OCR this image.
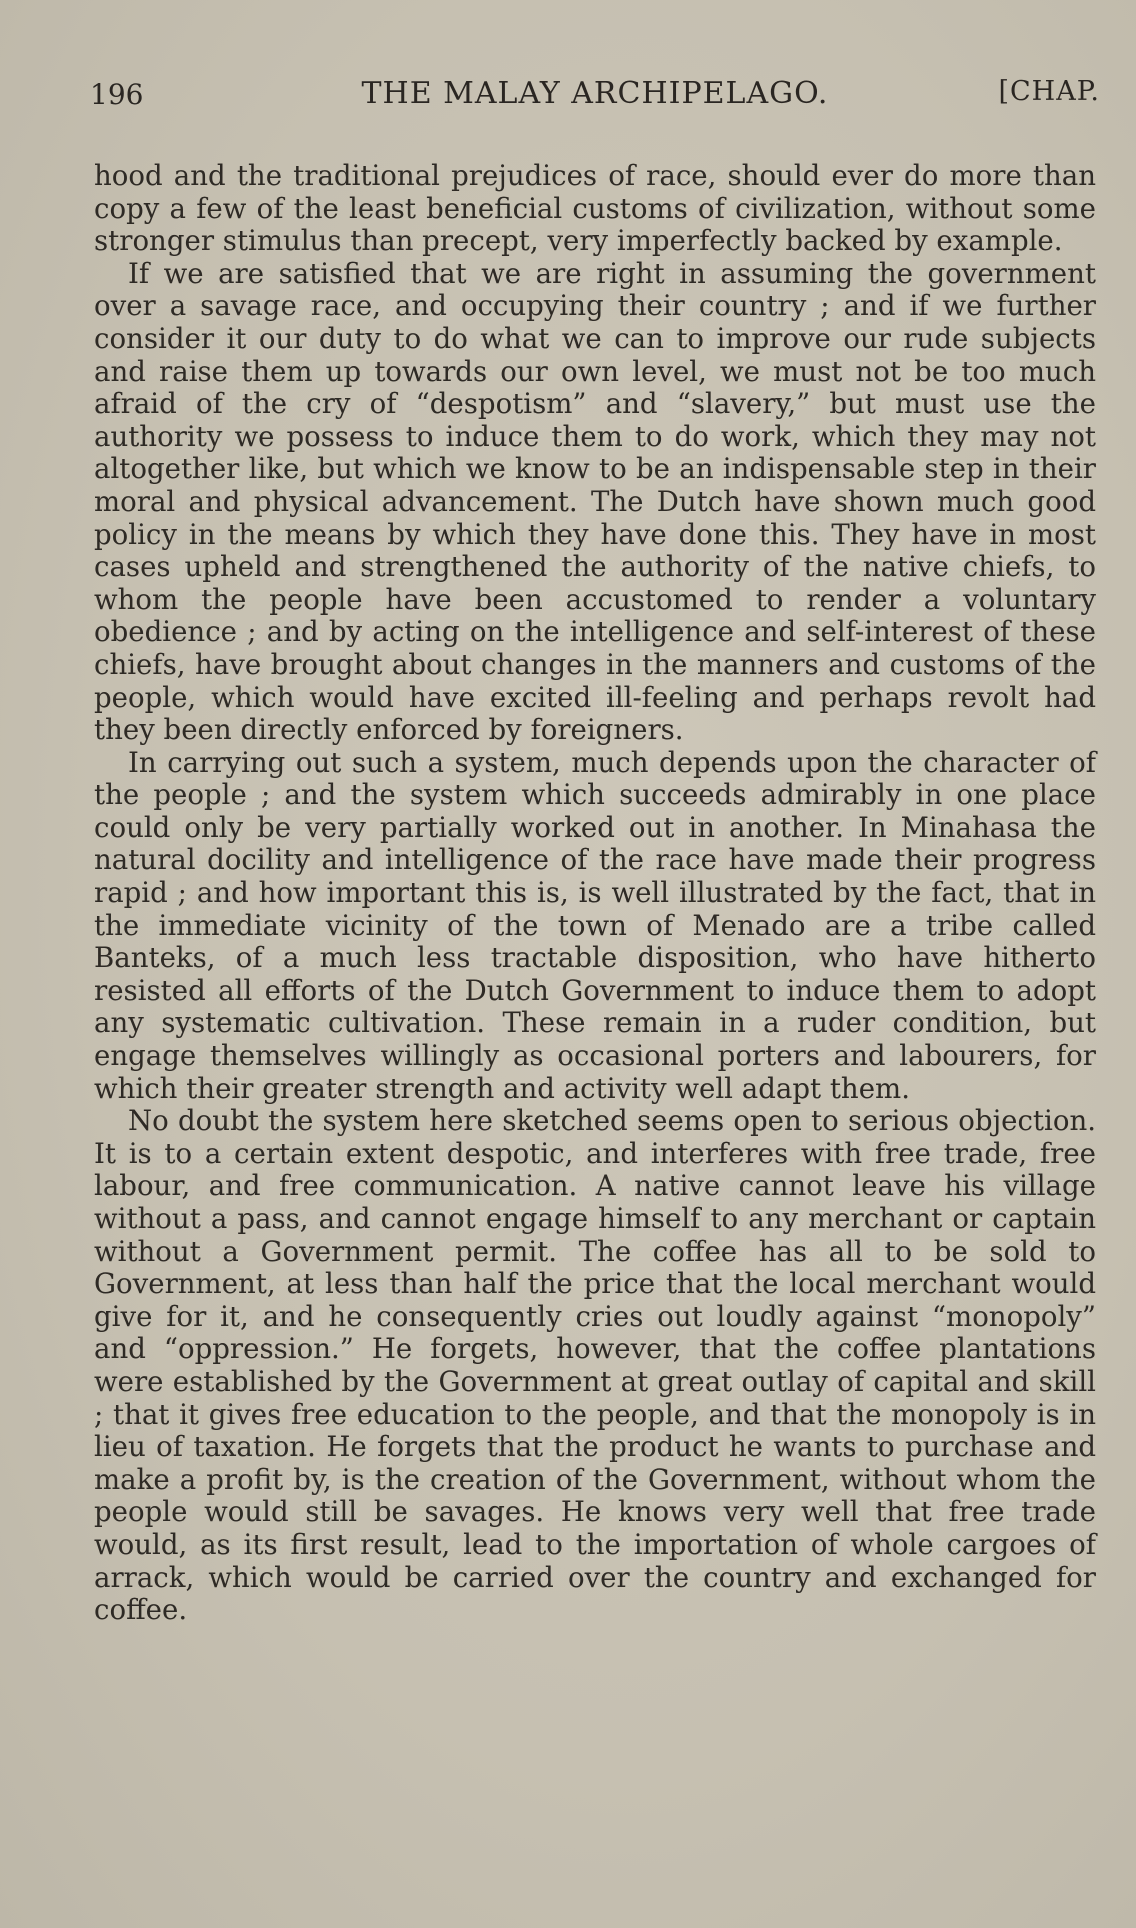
196	THE MALAY ARCHIPELAGO.	[CHAP.

hood and the traditional prejudices of race, should ever do more than copy a few of the least beneficial customs of civilization, without some stronger stimulus than precept, very imperfectly backed by example.

If we are satisfied that we are right in assuming the government over a savage race, and occupying their country ; and if we further consider it our duty to do what we can to improve our rude subjects and raise them up towards our own level, we must not be too much afraid of the cry of “despotism” and “slavery,” but must use the authority we possess to induce them to do work, which they may not altogether like, but which we know to be an indispensable step in their moral and physical advancement. The Dutch have shown much good policy in the means by which they have done this. They have in most cases upheld and strengthened the authority of the native chiefs, to whom the people have been accustomed to render a voluntary obedience ; and by acting on the intelligence and self-interest of these chiefs, have brought about changes in the manners and customs of the people, which would have excited ill-feeling and perhaps revolt had they been directly enforced by foreigners.

In carrying out such a system, much depends upon the character of the people ; and the system which succeeds admirably in one place could only be very partially worked out in another. In Minahasa the natural docility and intelligence of the race have made their progress rapid ; and how important this is, is well illustrated by the fact, that in the immediate vicinity of the town of Menado are a tribe called Banteks, of a much less tractable disposition, who have hitherto resisted all efforts of the Dutch Government to induce them to adopt any systematic cultivation. These remain in a ruder condition, but engage themselves willingly as occasional porters and labourers, for which their greater strength and activity well adapt them.

No doubt the system here sketched seems open to serious objection. It is to a certain extent despotic, and interferes with free trade, free labour, and free communication. A native cannot leave his village without a pass, and cannot engage himself to any merchant or captain without a Government permit. The coffee has all to be sold to Government, at less than half the price that the local merchant would give for it, and he consequently cries out loudly against “monopoly” and “oppression.” He forgets, however, that the coffee plantations were established by the Government at great outlay of capital and skill ; that it gives free education to the people, and that the monopoly is in lieu of taxation. He forgets that the product he wants to purchase and make a profit by, is the creation of the Government, without whom the people would still be savages. He knows very well that free trade would, as its first result, lead to the importation of whole cargoes of arrack, which would be carried over the country and exchanged for coffee.
